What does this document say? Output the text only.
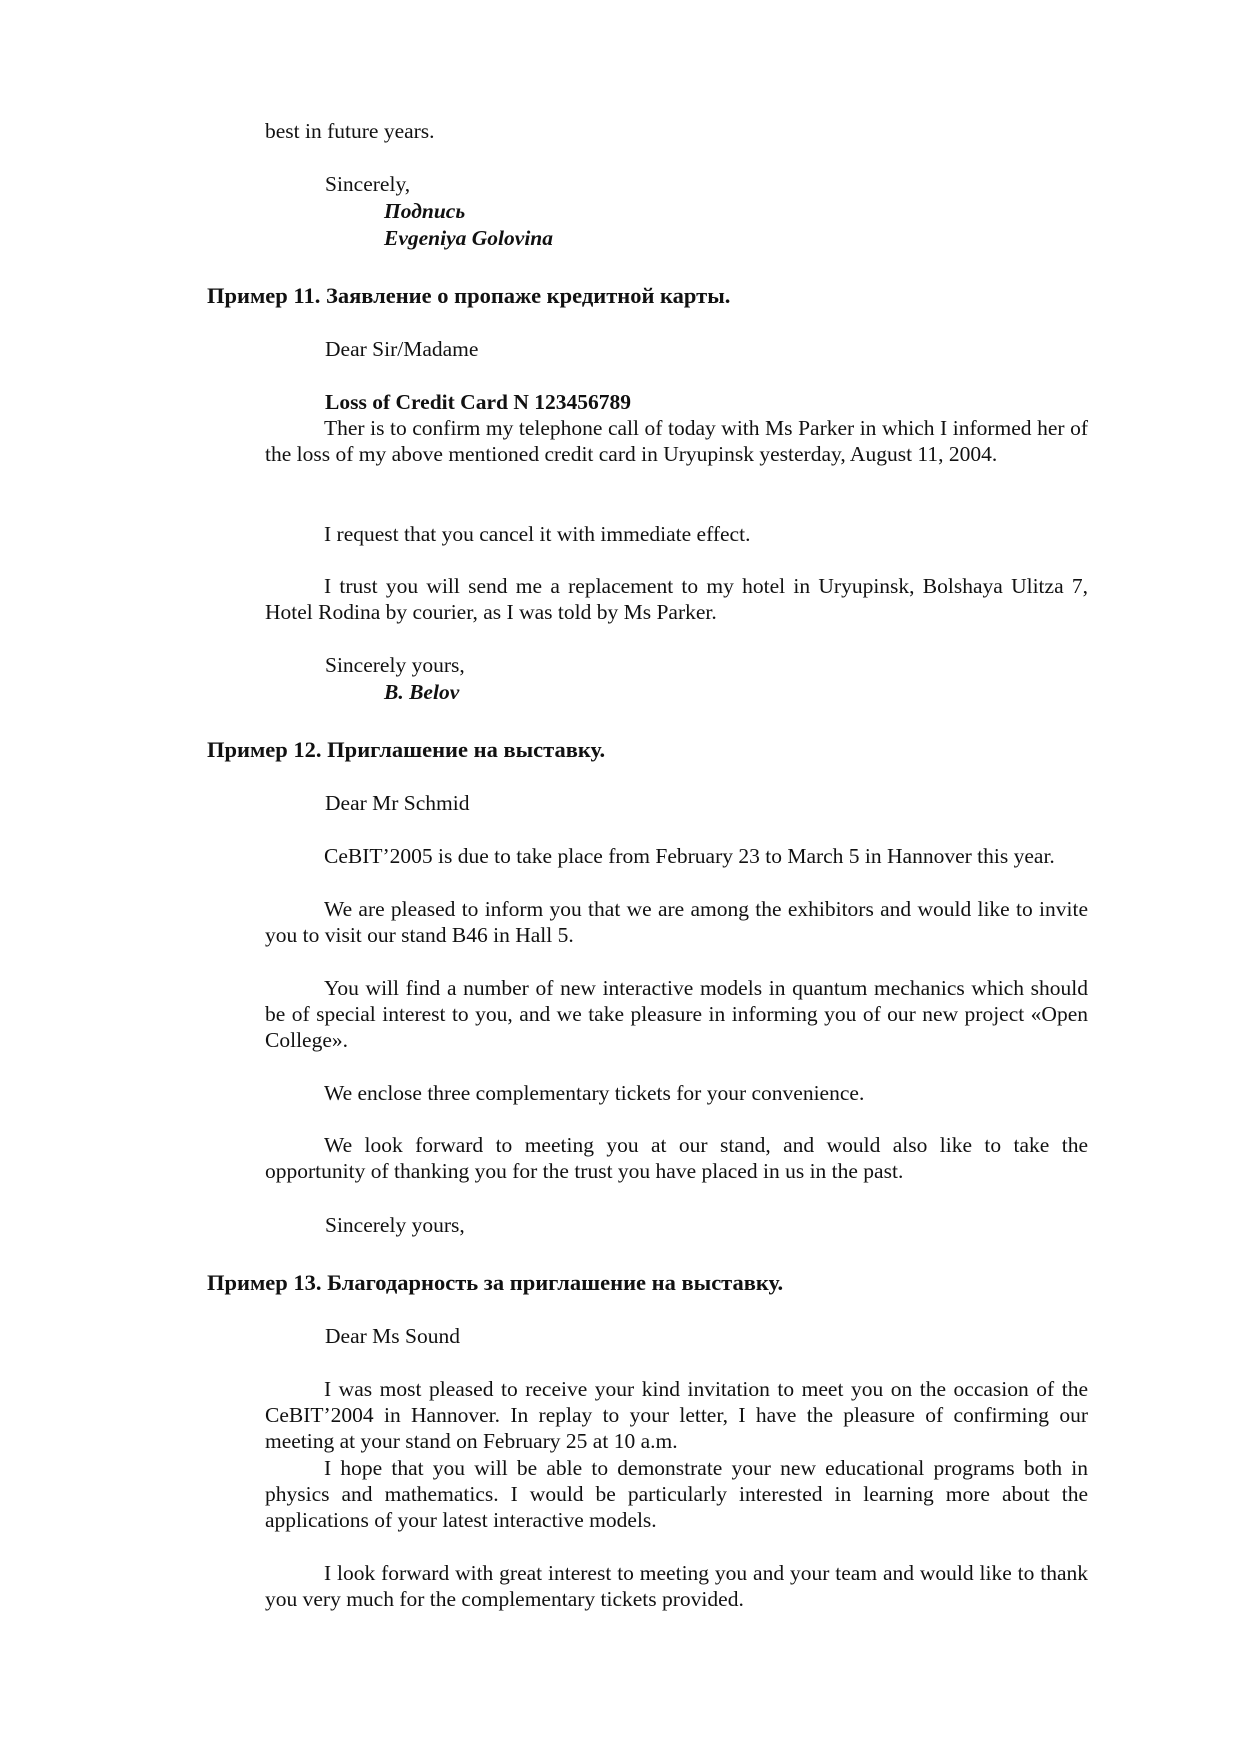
best in future years.

Sincerely,

Подпись

Evgeniya Golovina

Пример 11. Заявление о пропаже кредитной карты.

Dear Sir/Madame

Loss of Credit Card N 123456789

Ther is to confirm my telephone call of today with Ms Parker in which I informed her of the loss of my above mentioned credit card in Uryupinsk yesterday, August 11, 2004.

I request that you cancel it with immediate effect.

I trust you will send me a replacement to my hotel in Uryupinsk, Bolshaya Ulitza 7, Hotel Rodina by courier, as I was told by Ms Parker.

Sincerely yours,

B. Belov

Пример 12. Приглашение на выставку.

Dear Mr Schmid

CeBIT’2005 is due to take place from February 23 to March 5 in Hannover this year.

We are pleased to inform you that we are among the exhibitors and would like to invite you to visit our stand B46 in Hall 5.

You will find a number of new interactive models in quantum mechanics which should be of special interest to you, and we take pleasure in informing you of our new project «Open College».

We enclose three complementary tickets for your convenience.

We look forward to meeting you at our stand, and would also like to take the opportunity of thanking you for the trust you have placed in us in the past.

Sincerely yours,

Пример 13. Благодарность за приглашение на выставку.

Dear Ms Sound

I was most pleased to receive your kind invitation to meet you on the occasion of the CeBIT’2004 in Hannover. In replay to your letter, I have the pleasure of confirming our meeting at your stand on February 25 at 10 a.m.

I hope that you will be able to demonstrate your new educational programs both in physics and mathematics. I would be particularly interested in learning more about the applications of your latest interactive models.

I look forward with great interest to meeting you and your team and would like to thank you very much for the complementary tickets provided.
